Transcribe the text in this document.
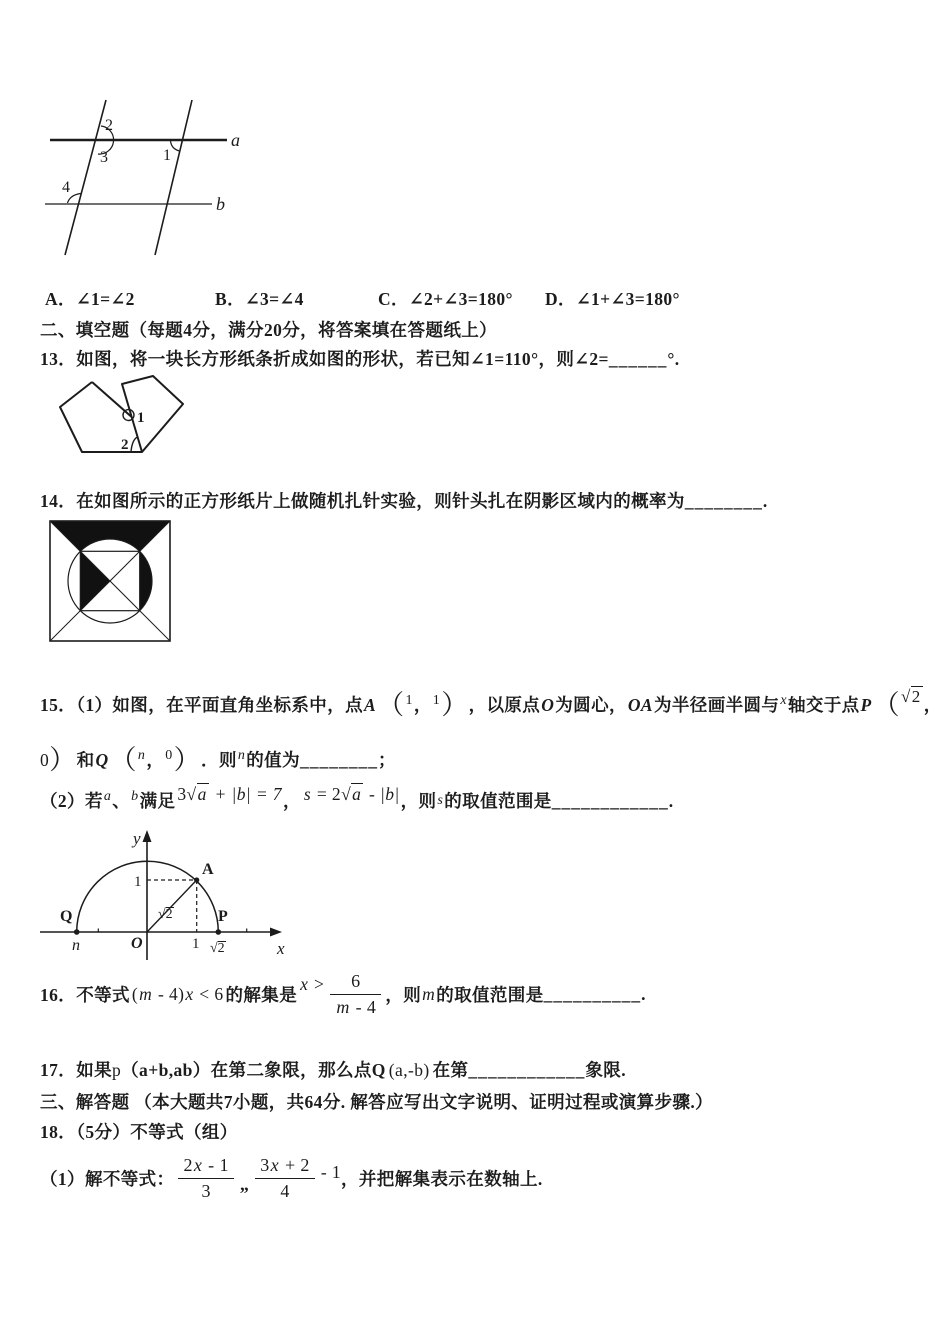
2
3	1
4
a
b
A．∠1=∠2	B．∠3=∠4	C．∠2+∠3=180° D．∠1+∠3=180°
二、填空题（每题4分，满分20分，将答案填在答题纸上）
13．如图，将一块长方形纸条折成如图的形状，若已知∠1=110°，则∠2= ______ °.
1
2
14．在如图所示的正方形纸片上做随机扎针实验，则针头扎在阴影区域内的概率为 ________ .
15．（1）如图，在平面直角坐标系中，点 A （ 1 ， 1 ） ，以原点 O 为圆心， OA 为半径画半圆与 x 轴交于点 P （ √2 ，
0 ） 和 Q （ n ， 0 ） ．则 n 的值为 ________ ；
（2）若 a 、 b 满足 3√a + |b| = 7 ， s = 2√a - |b| ，则 s 的取值范围是 ____________ .
y
x
O
A
P
Q
n
1
1 √2
√2
16．不等式 (m - 4)x < 6 的解集是
$x > \frac{6}{m - 4}$ ，则 m 的取值范围是 __________ .
17．如果 p （a+b,ab）在第二象限，那么点 Q (a,-b) 在第 ____________ 象限.
三、解答题 （本大题共7小题，共64分. 解答应写出文字说明、证明过程或演算步骤.）
18．（5分）不等式（组）
（1）解不等式： $\frac{2x - 1}{3}$ „ $\frac{3x + 2}{4} - 1$ ， 并把解集表示在数轴上.
